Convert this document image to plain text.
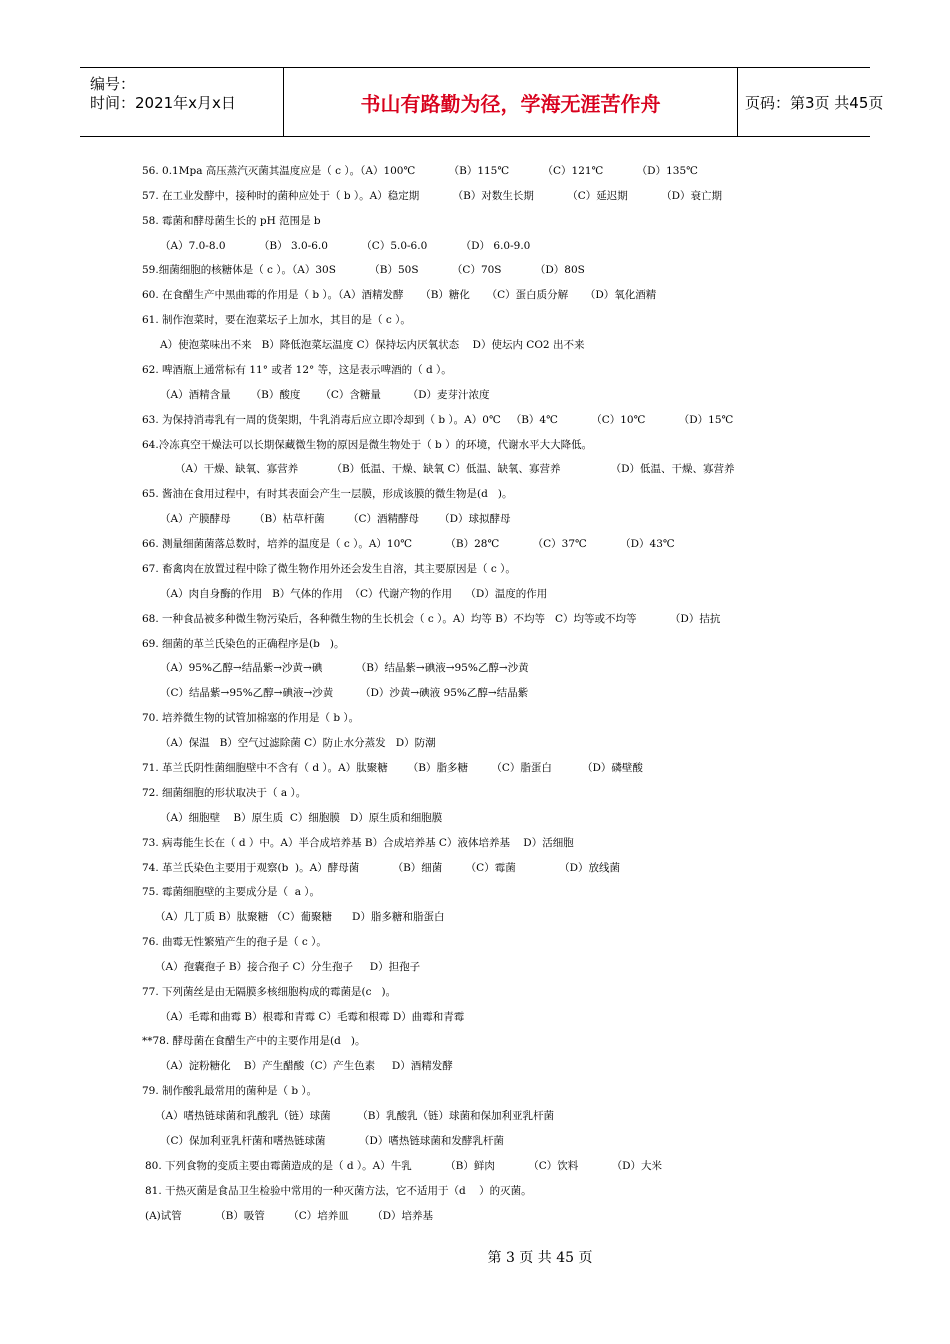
编号：
时间：2021年x月x日	书山有路勤为径，学海无涯苦作舟	页码：第3页 共45页
56. 0.1Mpa 高压蒸汽灭菌其温度应是（ c ）。（A）100℃          （B）115℃          （C）121℃          （D）135℃
57. 在工业发酵中，接种时的菌种应处于（ b ）。A）稳定期          （B）对数生长期          （C）延迟期          （D）衰亡期
58. 霉菌和酵母菌生长的 pH 范围是 b
（A）7.0-8.0          （B） 3.0-6.0          （C）5.0-6.0          （D） 6.0-9.0
59.细菌细胞的核糖体是（ c ）。（A）30S          （B）50S          （C）70S          （D）80S
60. 在食醋生产中黑曲霉的作用是（ b ）。（A）酒精发酵     （B）糖化     （C）蛋白质分解     （D）氧化酒精
61. 制作泡菜时，要在泡菜坛子上加水，其目的是（ c ）。
A）使泡菜味出不来   B）降低泡菜坛温度 C）保持坛内厌氧状态    D）使坛内 CO2 出不来
62. 啤酒瓶上通常标有 11° 或者 12° 等，这是表示啤酒的（ d ）。
（A）酒精含量      （B）酸度      （C）含糖量        （D）麦芽汁浓度
63. 为保持消毒乳有一周的货架期，牛乳消毒后应立即冷却到（ b ）。A）0℃   （B）4℃          （C）10℃          （D）15℃
64.冷冻真空干燥法可以长期保藏微生物的原因是微生物处于（ b ）的环境，代谢水平大大降低。
（A）干燥、缺氧、寡营养          （B）低温、干燥、缺氧 C）低温、缺氧、寡营养               （D）低温、干燥、寡营养
65. 酱油在食用过程中，有时其表面会产生一层膜，形成该膜的微生物是(d   )。
（A）产膜酵母       （B）枯草杆菌       （C）酒精酵母      （D）球拟酵母
66. 测量细菌菌落总数时，培养的温度是（ c ）。A）10℃          （B）28℃          （C）37℃          （D）43℃
67. 畜禽肉在放置过程中除了微生物作用外还会发生自溶，其主要原因是（ c ）。
（A）肉自身酶的作用   B）气体的作用  （C）代谢产物的作用    （D）温度的作用
68. 一种食品被多种微生物污染后，各种微生物的生长机会（ c ）。A）均等 B）不均等   C）均等或不均等          （D）拮抗
69. 细菌的革兰氏染色的正确程序是(b   )。
（A）95%乙醇→结晶紫→沙黄→碘          （B）结晶紫→碘液→95%乙醇→沙黄
（C）结晶紫→95%乙醇→碘液→沙黄        （D）沙黄→碘液 95%乙醇→结晶紫
70. 培养微生物的试管加棉塞的作用是（ b ）。
（A）保温   B）空气过滤除菌 C）防止水分蒸发   D）防潮
71. 革兰氏阴性菌细胞壁中不含有（ d ）。A）肽聚糖      （B）脂多糖       （C）脂蛋白         （D）磷壁酸
72. 细菌细胞的形状取决于（ a ）。
（A）细胞壁    B）原生质  C）细胞膜   D）原生质和细胞膜
73. 病毒能生长在（ d ）中。A）半合成培养基 B）合成培养基 C）液体培养基    D）活细胞
74. 革兰氏染色主要用于观察(b  )。A）酵母菌          （B）细菌       （C）霉菌             （D）放线菌
75. 霉菌细胞壁的主要成分是（  a ）。
（A）几丁质 B）肽聚糖 （C）葡聚糖      D）脂多糖和脂蛋白
76. 曲霉无性繁殖产生的孢子是（ c ）。
（A）孢囊孢子 B）接合孢子 C）分生孢子     D）担孢子
77. 下列菌丝是由无隔膜多核细胞构成的霉菌是(c   )。
（A）毛霉和曲霉 B）根霉和青霉 C）毛霉和根霉 D）曲霉和青霉
**78. 酵母菌在食醋生产中的主要作用是(d   )。
（A）淀粉糖化    B）产生醋酸（C）产生色素     D）酒精发酵
79. 制作酸乳最常用的菌种是（ b ）。
（A）嗜热链球菌和乳酸乳（链）球菌        （B）乳酸乳（链）球菌和保加利亚乳杆菌
（C）保加利亚乳杆菌和嗜热链球菌          （D）嗜热链球菌和发酵乳杆菌
80. 下列食物的变质主要由霉菌造成的是（ d ）。A）牛乳          （B）鲜肉          （C）饮料          （D）大米
81. 干热灭菌是食品卫生检验中常用的一种灭菌方法，它不适用于（d    ）的灭菌。
(A)试管          （B）吸管       （C）培养皿       （D）培养基
第 3 页 共 45 页
